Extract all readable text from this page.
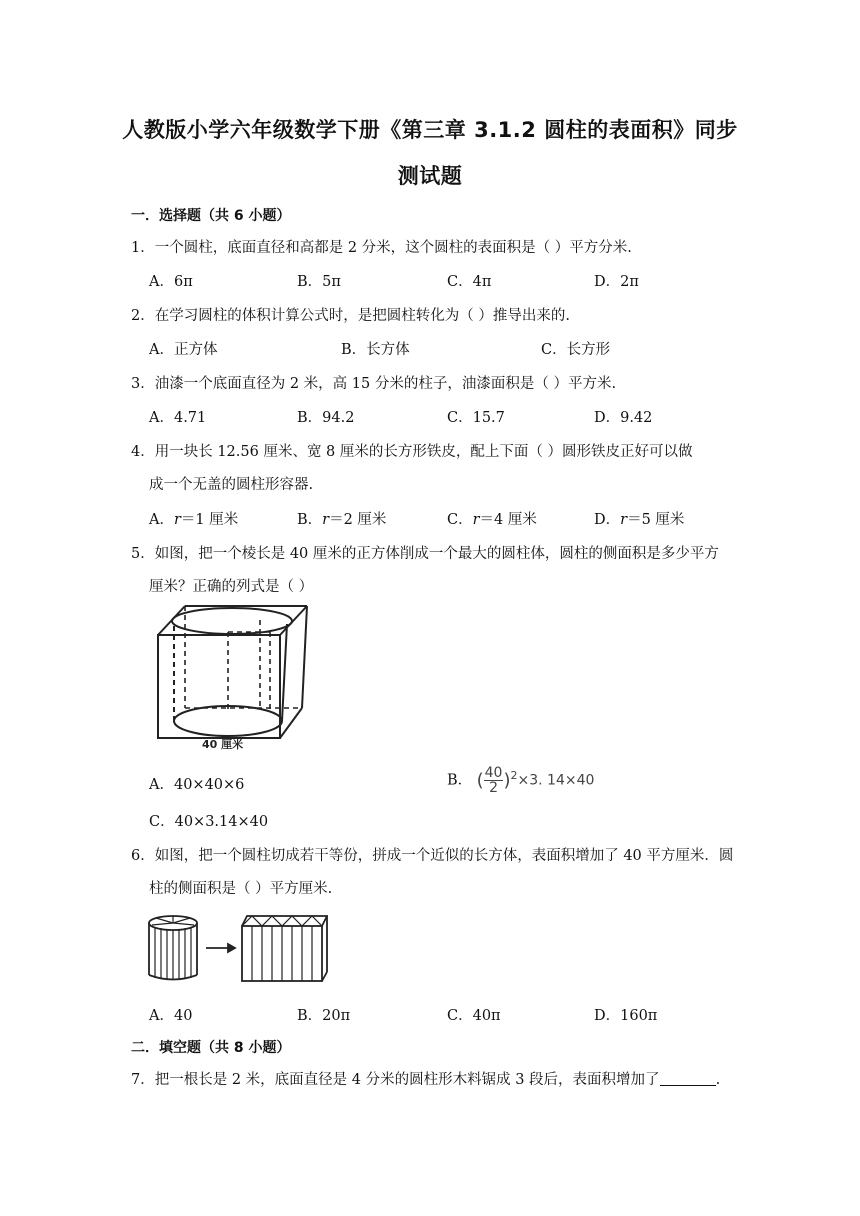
人教版小学六年级数学下册《第三章 3.1.2 圆柱的表面积》同步
测试题
一．选择题（共 6 小题）
1．一个圆柱，底面直径和高都是 2 分米，这个圆柱的表面积是（ ）平方分米.
A．6π	B．5π	C．4π	D．2π
2．在学习圆柱的体积计算公式时，是把圆柱转化为（ ）推导出来的.
A．正方体	B．长方体	C．长方形
3．油漆一个底面直径为 2 米，高 15 分米的柱子，油漆面积是（ ）平方米.
A．4.71	B．94.2	C．15.7	D．9.42
4．用一块长 12.56 厘米、宽 8 厘米的长方形铁皮，配上下面（ ）圆形铁皮正好可以做
成一个无盖的圆柱形容器.
A．r＝1 厘米	B．r＝2 厘米	C．r＝4 厘米	D．r＝5 厘米
5．如图，把一个棱长是 40 厘米的正方体削成一个最大的圆柱体，圆柱的侧面积是多少平方
厘米？正确的列式是（ ）
40 厘米
A．40×40×6	B． ( $\frac{40}{2} )^2\times 3$. 14×40
C．40×3.14×40
6．如图，把一个圆柱切成若干等份，拼成一个近似的长方体，表面积增加了 40 平方厘米．圆
柱的侧面积是（ ）平方厘米.
A．40	B．20π	C．40π	D．160π
二．填空题（共 8 小题）
7．把一根长是 2 米，底面直径是 4 分米的圆柱形木料锯成 3 段后，表面积增加了	.
